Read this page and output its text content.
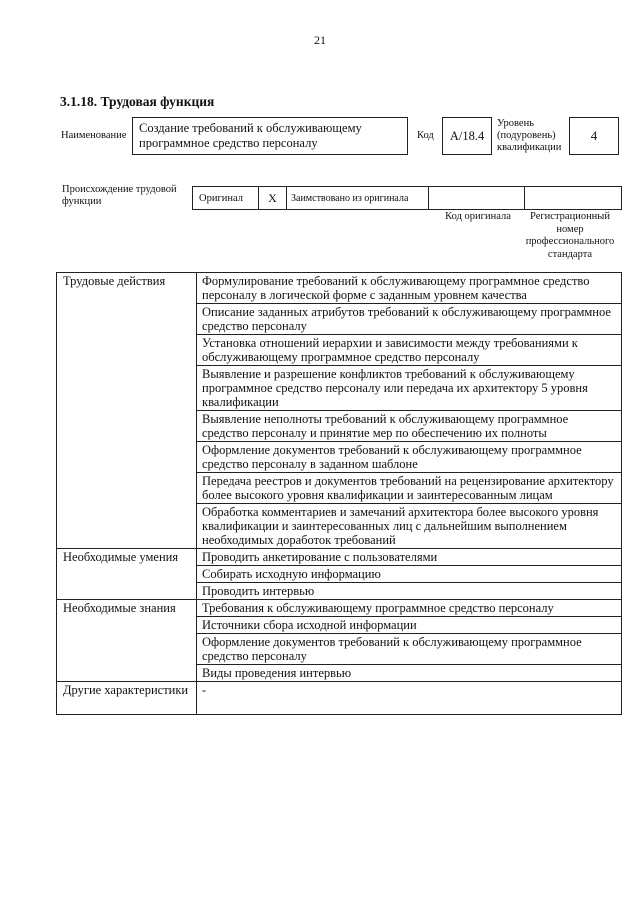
21
3.1.18. Трудовая функция
Наименование
Создание требований к обслуживающему программное средство персоналу
Код	A/18.4
Уровень (подуровень) квалификации
4
Происхождение трудовой функции	Оригинал X Заимствовано из оригинала
Код оригинала	Регистрационный номер профессионального стандарта
Трудовые действия	Формулирование требований к обслуживающему программное средство персоналу в логической форме с заданным уровнем качества
	Описание заданных атрибутов требований к обслуживающему программное средство персоналу
	Установка отношений иерархии и зависимости между требованиями к обслуживающему программное средство персоналу
	Выявление и разрешение конфликтов требований к обслуживающему программное средство персоналу или передача их архитектору 5 уровня квалификации
	Выявление неполноты требований к обслуживающему программное средство персоналу и принятие мер по обеспечению их полноты
	Оформление документов требований к обслуживающему программное средство персоналу в заданном шаблоне
	Передача реестров и документов требований на рецензирование архитектору более высокого уровня квалификации и заинтересованным лицам
	Обработка комментариев и замечаний архитектора более высокого уровня квалификации и заинтересованных лиц с дальнейшим выполнением необходимых доработок требований
Необходимые умения	Проводить анкетирование с пользователями
	Собирать исходную информацию
	Проводить интервью
Необходимые знания	Требования к обслуживающему программное средство персоналу
	Источники сбора исходной информации
	Оформление документов требований к обслуживающему программное средство персоналу
	Виды проведения интервью
Другие характеристики	-
